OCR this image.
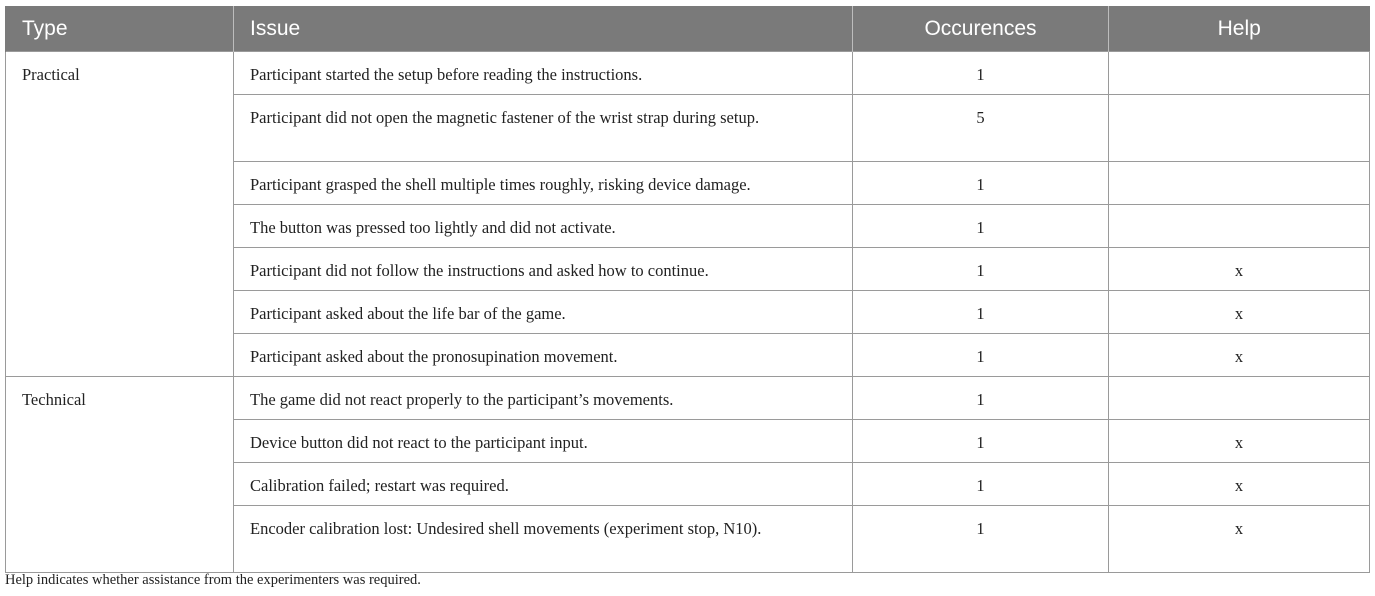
Type	Issue	Occurences	Help
Practical	Participant started the setup before reading the instructions.	1	
	Participant did not open the magnetic fastener of the wrist strap during setup.	5	
	Participant grasped the shell multiple times roughly, risking device damage.	1	
	The button was pressed too lightly and did not activate.	1	
	Participant did not follow the instructions and asked how to continue.	1	x
	Participant asked about the life bar of the game.	1	x
	Participant asked about the pronosupination movement.	1	x
Technical	The game did not react properly to the participant’s movements.	1	
	Device button did not react to the participant input.	1	x
	Calibration failed; restart was required.	1	x
	Encoder calibration lost: Undesired shell movements (experiment stop, N10).	1	x
Help indicates whether assistance from the experimenters was required.
